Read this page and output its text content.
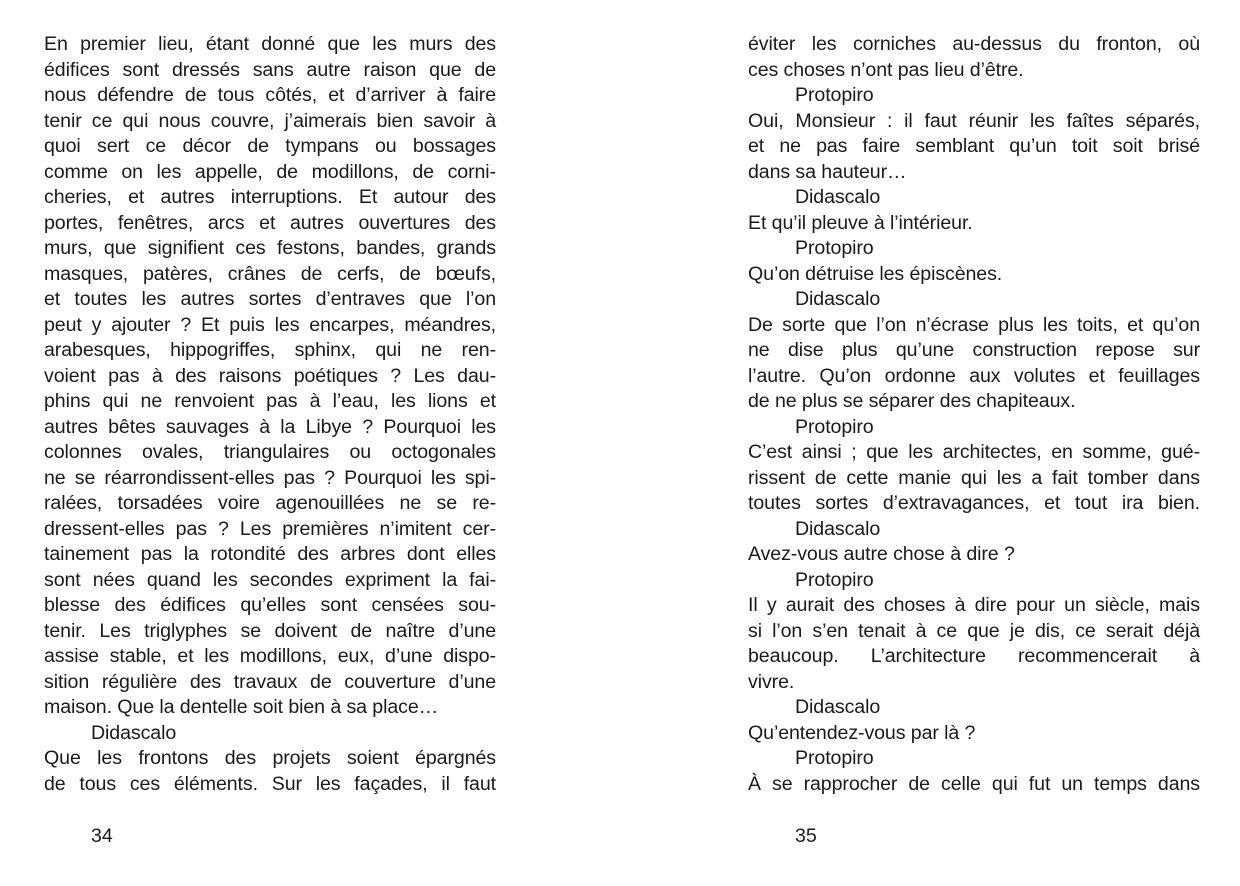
En premier lieu, étant donné que les murs des
édifices sont dressés sans autre raison que de
nous défendre de tous côtés, et d’arriver à faire
tenir ce qui nous couvre, j’aimerais bien savoir à
quoi sert ce décor de tympans ou bossages
comme on les appelle, de modillons, de corni-
cheries, et autres interruptions. Et autour des
portes, fenêtres, arcs et autres ouvertures des
murs, que signifient ces festons, bandes, grands
masques, patères, crânes de cerfs, de bœufs,
et toutes les autres sortes d’entraves que l’on
peut y ajouter ? Et puis les encarpes, méandres,
arabesques, hippogriffes, sphinx, qui ne ren-
voient pas à des raisons poétiques ? Les dau-
phins qui ne renvoient pas à l’eau, les lions et
autres bêtes sauvages à la Libye ? Pourquoi les
colonnes ovales, triangulaires ou octogonales
ne se réarrondissent-elles pas ? Pourquoi les spi-
ralées, torsadées voire agenouillées ne se re-
dressent-elles pas ? Les premières n’imitent cer-
tainement pas la rotondité des arbres dont elles
sont nées quand les secondes expriment la fai-
blesse des édifices qu’elles sont censées sou-
tenir. Les triglyphes se doivent de naître d’une
assise stable, et les modillons, eux, d’une dispo-
sition régulière des travaux de couverture d’une
maison. Que la dentelle soit bien à sa place…
Didascalo
Que les frontons des projets soient épargnés
de tous ces éléments. Sur les façades, il faut
éviter les corniches au-dessus du fronton, où
ces choses n’ont pas lieu d’être.
Protopiro
Oui, Monsieur : il faut réunir les faîtes séparés,
et ne pas faire semblant qu’un toit soit brisé
dans sa hauteur…
Didascalo
Et qu’il pleuve à l’intérieur.
Protopiro
Qu’on détruise les épiscènes.
Didascalo
De sorte que l’on n’écrase plus les toits, et qu’on
ne dise plus qu’une construction repose sur
l’autre. Qu’on ordonne aux volutes et feuillages
de ne plus se séparer des chapiteaux.
Protopiro
C’est ainsi ; que les architectes, en somme, gué-
rissent de cette manie qui les a fait tomber dans
toutes sortes d’extravagances, et tout ira bien.
Didascalo
Avez-vous autre chose à dire ?
Protopiro
Il y aurait des choses à dire pour un siècle, mais
si l’on s’en tenait à ce que je dis, ce serait déjà
beaucoup. L’architecture recommencerait à
vivre.
Didascalo
Qu’entendez-vous par là ?
Protopiro
À se rapprocher de celle qui fut un temps dans
34	35
